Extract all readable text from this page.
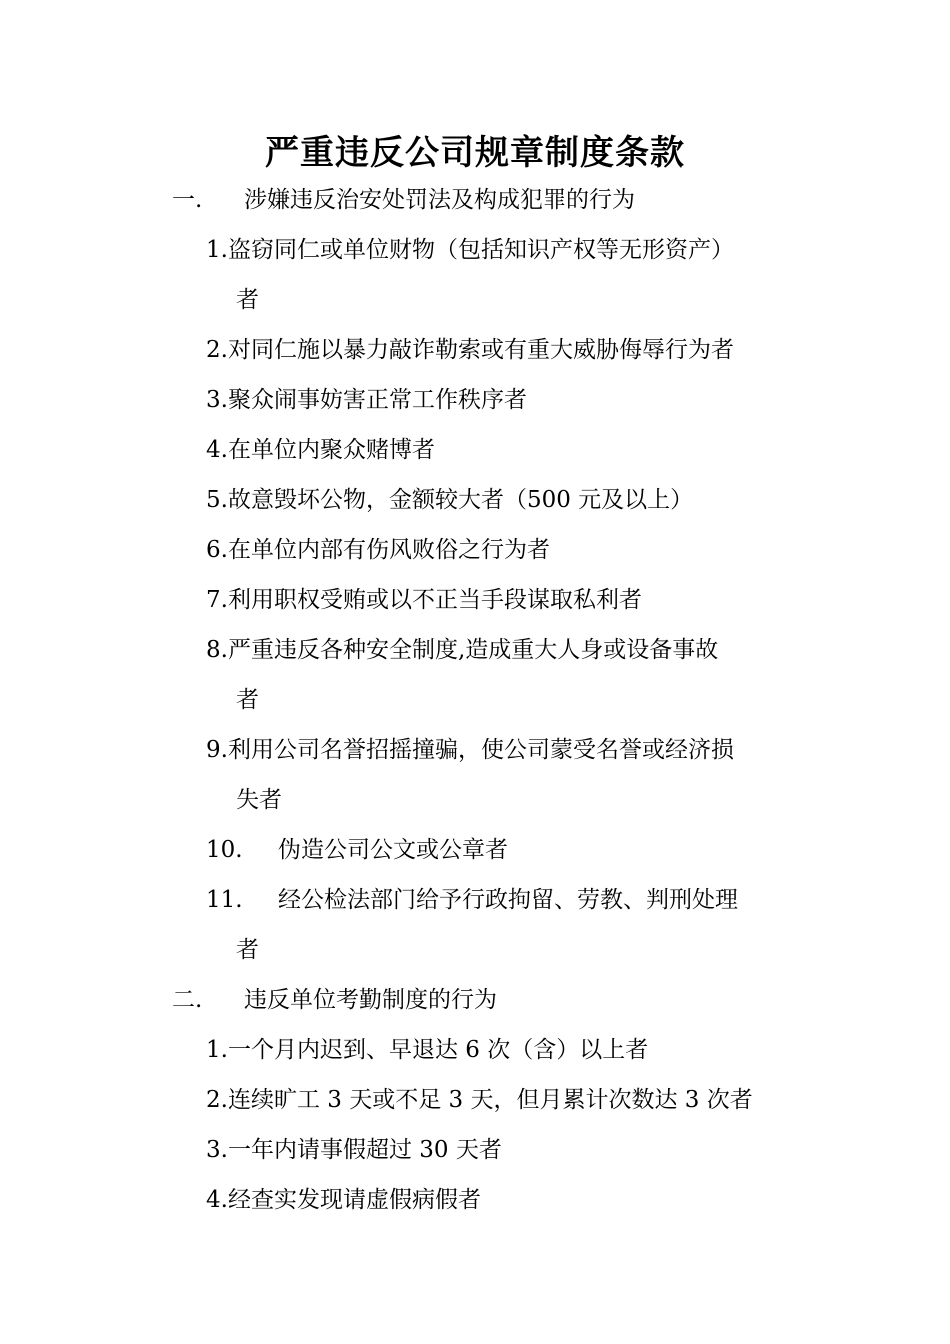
严重违反公司规章制度条款
一. 涉嫌违反治安处罚法及构成犯罪的行为
1.盗窃同仁或单位财物（包括知识产权等无形资产）
者
2.对同仁施以暴力敲诈勒索或有重大威胁侮辱行为者
3.聚众闹事妨害正常工作秩序者
4.在单位内聚众赌博者
5.故意毁坏公物，金额较大者（500 元及以上）
6.在单位内部有伤风败俗之行为者
7.利用职权受贿或以不正当手段谋取私利者
8.严重违反各种安全制度,造成重大人身或设备事故
者
9.利用公司名誉招摇撞骗，使公司蒙受名誉或经济损
失者
10. 伪造公司公文或公章者
11. 经公检法部门给予行政拘留、劳教、判刑处理
者
二. 违反单位考勤制度的行为
1.一个月内迟到、早退达 6 次（含）以上者
2.连续旷工 3 天或不足 3 天，但月累计次数达 3 次者
3.一年内请事假超过 30 天者
4.经查实发现请虚假病假者
